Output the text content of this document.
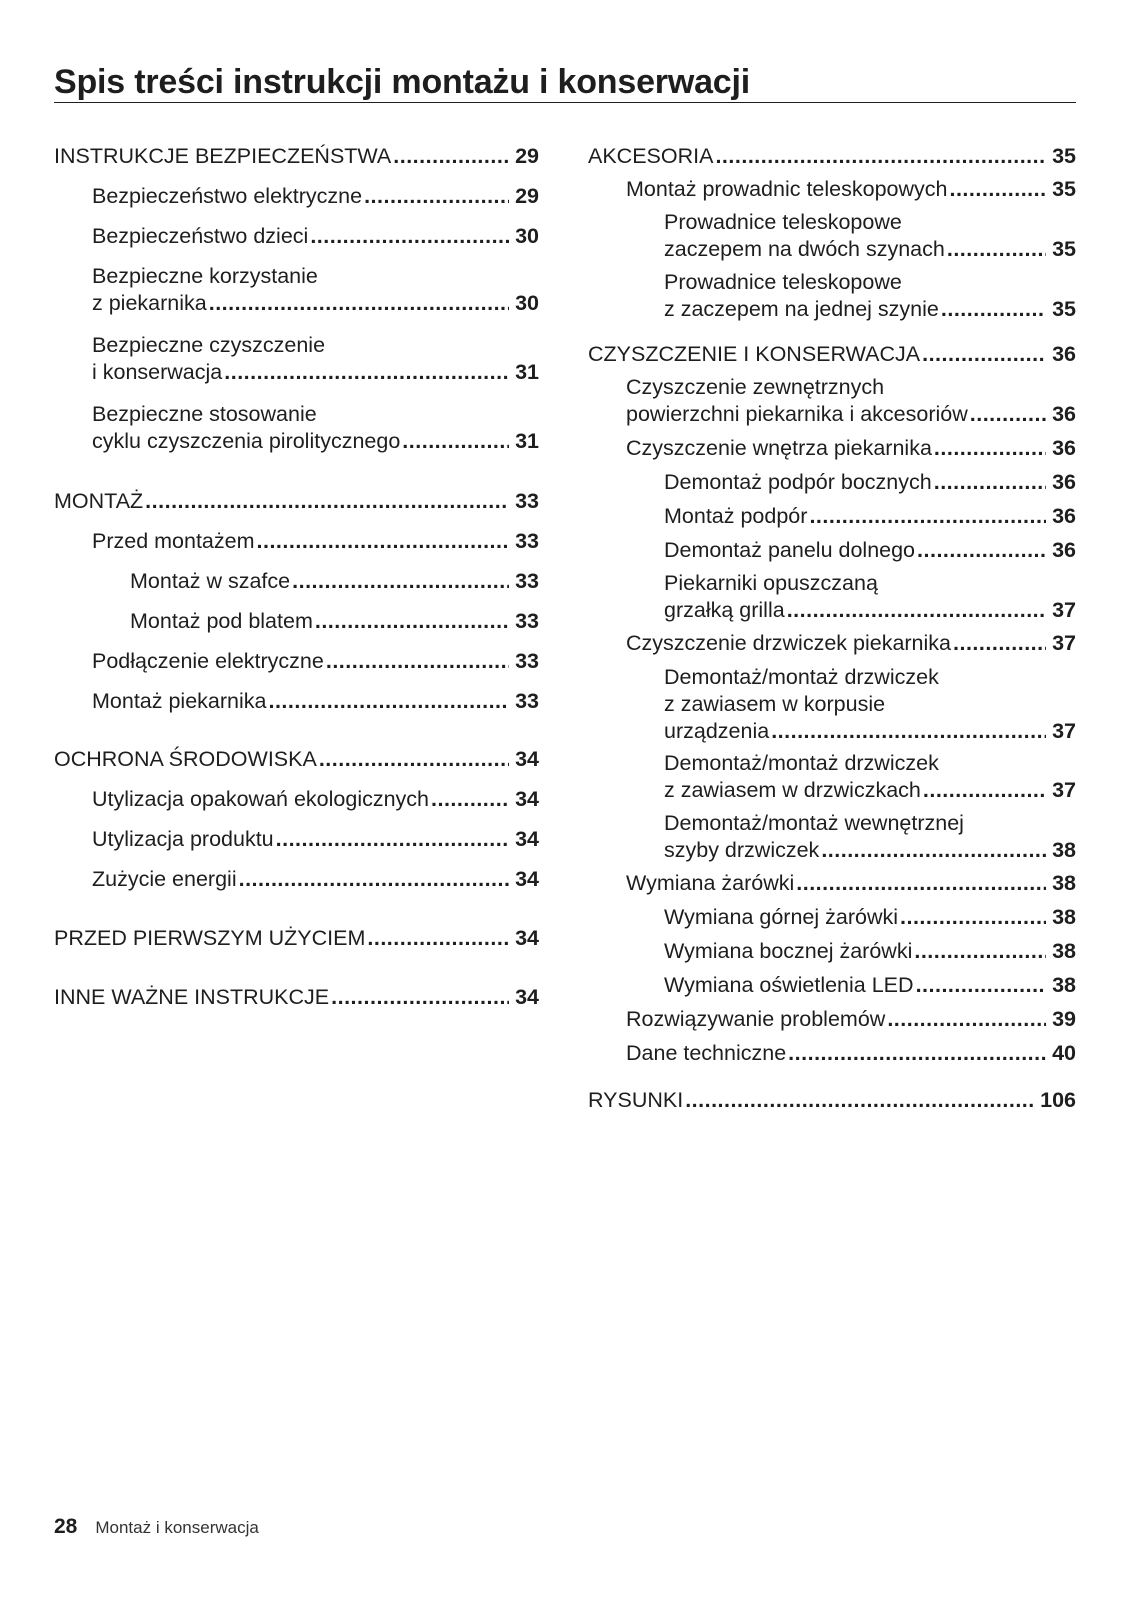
Spis treści instrukcji montażu i konserwacji
INSTRUKCJE BEZPIECZEŃSTWA .....	29
Bezpieczeństwo elektryczne .....	29
Bezpieczeństwo dzieci .....	30
Bezpieczne korzystanie
z piekarnika .....	30
Bezpieczne czyszczenie
i konserwacja .....	31
Bezpieczne stosowanie
cyklu czyszczenia pirolitycznego .....	31
MONTAŻ .....	33
Przed montażem .....	33
Montaż w szafce .....	33
Montaż pod blatem .....	33
Podłączenie elektryczne .....	33
Montaż piekarnika .....	33
OCHRONA ŚRODOWISKA .....	34
Utylizacja opakowań ekologicznych .....	34
Utylizacja produktu .....	34
Zużycie energii .....	34
PRZED PIERWSZYM UŻYCIEM .....	34
INNE WAŻNE INSTRUKCJE .....	34
AKCESORIA .....	35
Montaż prowadnic teleskopowych .....	35
Prowadnice teleskopowe
zaczepem na dwóch szynach .....	35
Prowadnice teleskopowe
z zaczepem na jednej szynie .....	35
CZYSZCZENIE I KONSERWACJA .....	36
Czyszczenie zewnętrznych
powierzchni piekarnika i akcesoriów .....	36
Czyszczenie wnętrza piekarnika .....	36
Demontaż podpór bocznych .....	36
Montaż podpór .....	36
Demontaż panelu dolnego .....	36
Piekarniki opuszczaną
grzałką grilla .....	37
Czyszczenie drzwiczek piekarnika .....	37
Demontaż/montaż drzwiczek
z zawiasem w korpusie
urządzenia .....	37
Demontaż/montaż drzwiczek
z zawiasem w drzwiczkach .....	37
Demontaż/montaż wewnętrznej
szyby drzwiczek .....	38
Wymiana żarówki .....	38
Wymiana górnej żarówki .....	38
Wymiana bocznej żarówki .....	38
Wymiana oświetlenia LED .....	38
Rozwiązywanie problemów .....	39
Dane techniczne .....	40
RYSUNKI .....	106
28 Montaż i konserwacja
